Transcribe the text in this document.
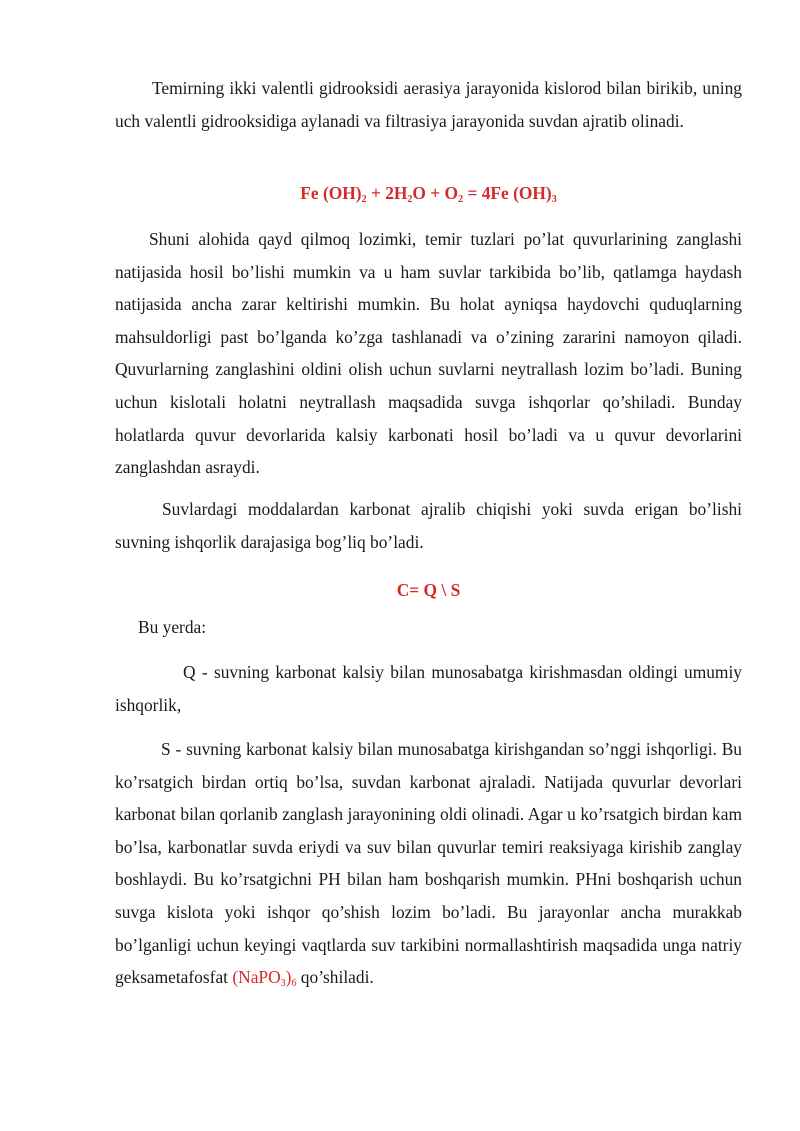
Temirning ikki valentli gidrooksidi aerasiya jarayonida kislorod bilan birikib, uning uch valentli gidrooksidiga aylanadi va filtrasiya jarayonida suvdan ajratib olinadi.

Fe $(OH)_2 + 2H_2O + O_2 = 4Fe$ $(OH)_3$

Shuni alohida qayd qilmoq lozimki, temir tuzlari po’lat quvurlarining zanglashi natijasida hosil bo’lishi mumkin va u ham suvlar tarkibida bo’lib, qatlamga haydash natijasida ancha zarar keltirishi mumkin. Bu holat ayniqsa haydovchi quduqlarning mahsuldorligi past bo’lganda ko’zga tashlanadi va o’zining zararini namoyon qiladi. Quvurlarning zanglashini oldini olish uchun suvlarni neytrallash lozim bo’ladi. Buning uchun kislotali holatni neytrallash maqsadida suvga ishqorlar qo’shiladi. Bunday holatlarda quvur devorlarida kalsiy karbonati hosil bo’ladi va u quvur devorlarini zanglashdan asraydi.

Suvlardagi moddalardan karbonat ajralib chiqishi yoki suvda erigan bo’lishi suvning ishqorlik darajasiga bog’liq bo’ladi.

C= Q \ S

Bu yerda:

Q - suvning karbonat kalsiy bilan munosabatga kirishmasdan oldingi umumiy ishqorlik,

S - suvning karbonat kalsiy bilan munosabatga kirishgandan so’nggi ishqorligi. Bu ko’rsatgich birdan ortiq bo’lsa, suvdan karbonat ajraladi. Natijada quvurlar devorlari karbonat bilan qorlanib zanglash jarayonining oldi olinadi. Agar u ko’rsatgich birdan kam bo’lsa, karbonatlar suvda eriydi va suv bilan quvurlar temiri reaksiyaga kirishib zanglay boshlaydi. Bu ko’rsatgichni PH bilan ham boshqarish mumkin. PHni boshqarish uchun suvga kislota yoki ishqor qo’shish lozim bo’ladi. Bu jarayonlar ancha murakkab bo’lganligi uchun keyingi vaqtlarda suv tarkibini normallashtirish maqsadida unga natriy geksametafosfat $(NaPO_3)_6$ qo’shiladi.
